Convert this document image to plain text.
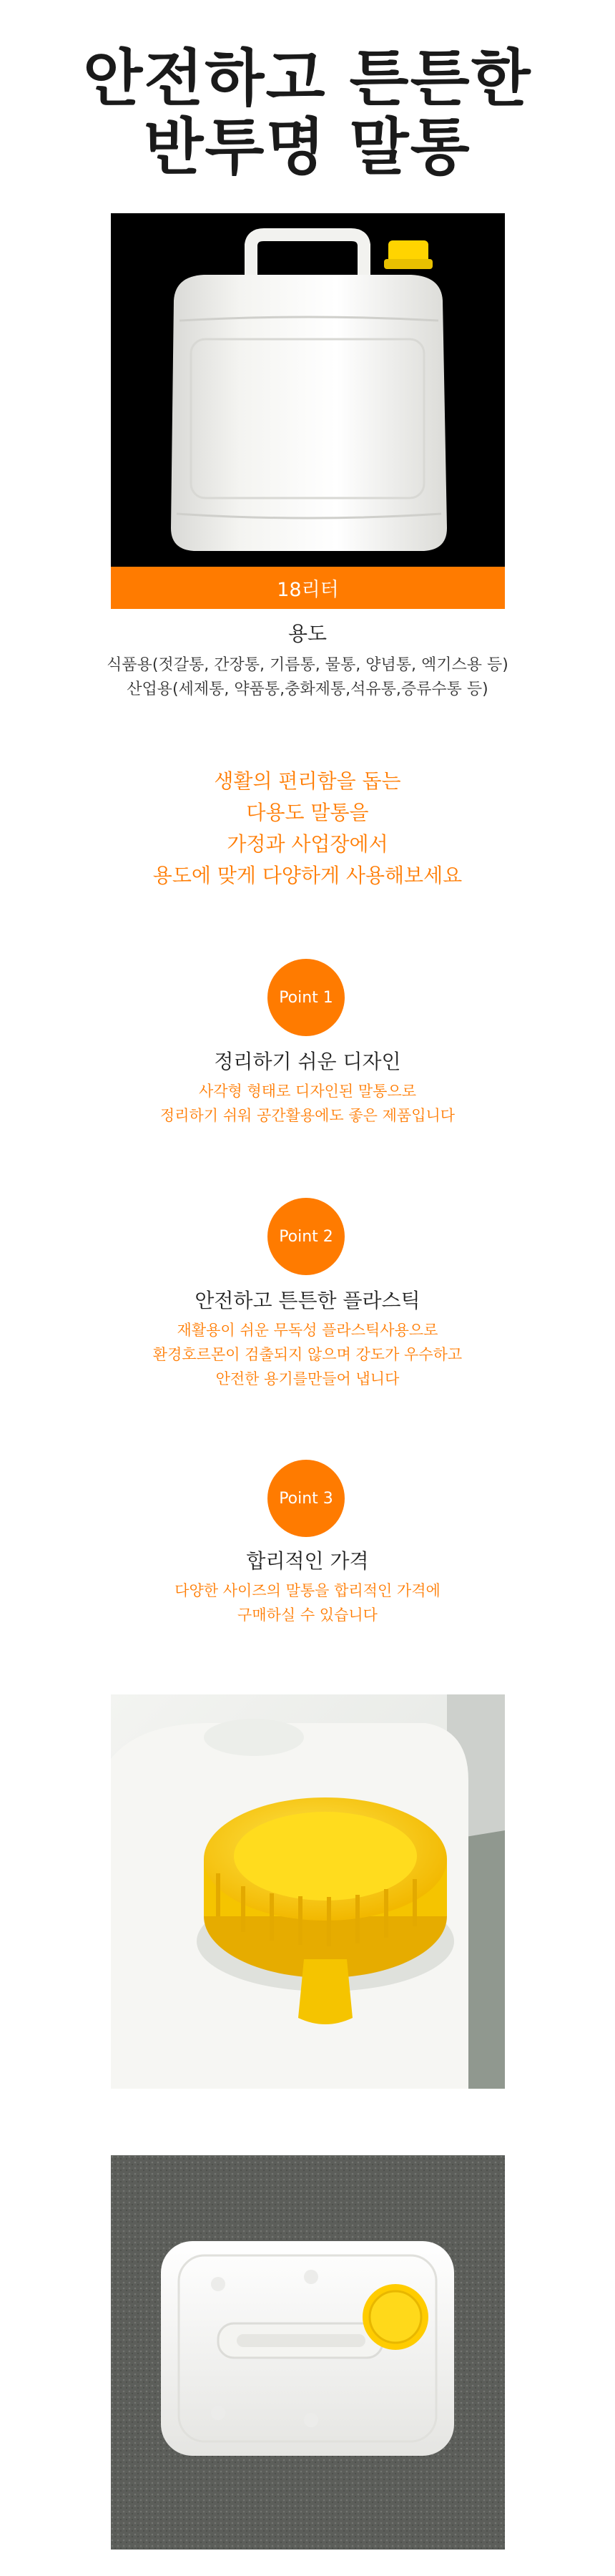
안전하고 튼튼한
반투명 말통
18리터
용도
식품용(젓갈통, 간장통, 기름통, 물통, 양념통, 엑기스용 등)
산업용(세제통, 약품통,충화제통,석유통,증류수통 등)
생활의 편리함을 돕는
다용도 말통을
가정과 사업장에서
용도에 맞게 다양하게 사용해보세요
Point 1
정리하기 쉬운 디자인
사각형 형태로 디자인된 말통으로
정리하기 쉬워 공간활용에도 좋은 제품입니다
Point 2
안전하고 튼튼한 플라스틱
재활용이 쉬운 무독성 플라스틱사용으로
환경호르몬이 검출되지 않으며 강도가 우수하고
안전한 용기를만들어 냅니다
Point 3
합리적인 가격
다양한 사이즈의 말통을 합리적인 가격에
구매하실 수 있습니다
